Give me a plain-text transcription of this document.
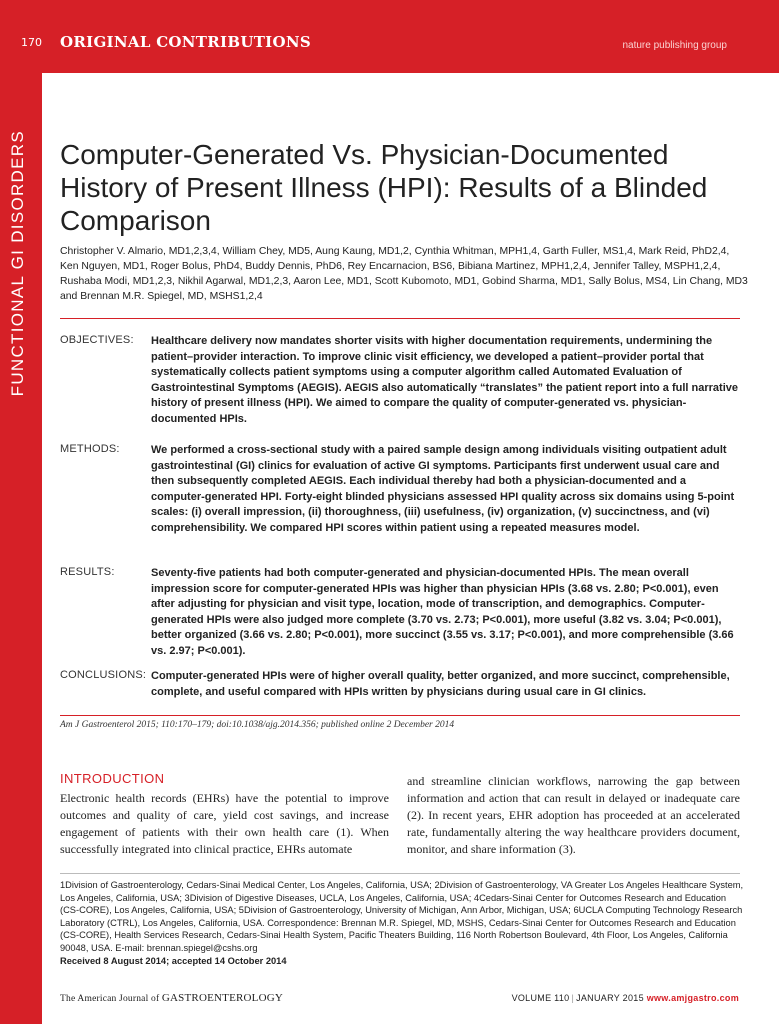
170 ORIGINAL CONTRIBUTIONS	nature publishing group
FUNCTIONAL GI DISORDERS Computer-Generated Vs. Physician-Documented History of Present Illness (HPI): Results of a Blinded Comparison
Christopher V. Almario, MD1,2,3,4, William Chey, MD5, Aung Kaung, MD1,2, Cynthia Whitman, MPH1,4, Garth Fuller, MS1,4, Mark Reid, PhD2,4, Ken Nguyen, MD1, Roger Bolus, PhD4, Buddy Dennis, PhD6, Rey Encarnacion, BS6, Bibiana Martinez, MPH1,2,4, Jennifer Talley, MSPH1,2,4, Rushaba Modi, MD1,2,3, Nikhil Agarwal, MD1,2,3, Aaron Lee, MD1, Scott Kubomoto, MD1, Gobind Sharma, MD1, Sally Bolus, MS4, Lin Chang, MD3 and Brennan M.R. Spiegel, MD, MSHS1,2,4
OBJECTIVES:	Healthcare delivery now mandates shorter visits with higher documentation requirements, undermining the patient–provider interaction. To improve clinic visit efficiency, we developed a patient–provider portal that systematically collects patient symptoms using a computer algorithm called Automated Evaluation of Gastrointestinal Symptoms (AEGIS). AEGIS also automatically “translates” the patient report into a full narrative history of present illness (HPI). We aimed to compare the quality of computer-generated vs. physician-documented HPIs.
METHODS:	We performed a cross-sectional study with a paired sample design among individuals visiting outpatient adult gastrointestinal (GI) clinics for evaluation of active GI symptoms. Participants first underwent usual care and then subsequently completed AEGIS. Each individual thereby had both a physician-documented and a computer-generated HPI. Forty-eight blinded physicians assessed HPI quality across six domains using 5-point scales: (i) overall impression, (ii) thoroughness, (iii) usefulness, (iv) organization, (v) succinctness, and (vi) comprehensibility. We compared HPI scores within patient using a repeated measures model.
RESULTS:	Seventy-five patients had both computer-generated and physician-documented HPIs. The mean overall impression score for computer-generated HPIs was higher than physician HPIs (3.68 vs. 2.80; P<0.001), even after adjusting for physician and visit type, location, mode of transcription, and demographics. Computer-generated HPIs were also judged more complete (3.70 vs. 2.73; P<0.001), more useful (3.82 vs. 3.04; P<0.001), better organized (3.66 vs. 2.80; P<0.001), more succinct (3.55 vs. 3.17; P<0.001), and more comprehensible (3.66 vs. 2.97; P<0.001).
CONCLUSIONS: Computer-generated HPIs were of higher overall quality, better organized, and more succinct, comprehensible, complete, and useful compared with HPIs written by physicians during usual care in GI clinics.
Am J Gastroenterol 2015; 110:170–179; doi:10.1038/ajg.2014.356; published online 2 December 2014
INTRODUCTION
Electronic health records (EHRs) have the potential to improve outcomes and quality of care, yield cost savings, and increase engagement of patients with their own health care (1). When successfully integrated into clinical practice, EHRs automate
and streamline clinician workflows, narrowing the gap between information and action that can result in delayed or inadequate care (2). In recent years, EHR adoption has proceeded at an accelerated rate, fundamentally altering the way healthcare providers document, monitor, and share information (3).
1Division of Gastroenterology, Cedars-Sinai Medical Center, Los Angeles, California, USA; 2Division of Gastroenterology, VA Greater Los Angeles Healthcare System, Los Angeles, California, USA; 3Division of Digestive Diseases, UCLA, Los Angeles, California, USA; 4Cedars-Sinai Center for Outcomes Research and Education (CS-CORE), Los Angeles, California, USA; 5Division of Gastroenterology, University of Michigan, Ann Arbor, Michigan, USA; 6UCLA Computing Technology Research Laboratory (CTRL), Los Angeles, California, USA. Correspondence: Brennan M.R. Spiegel, MD, MSHS, Cedars-Sinai Center for Outcomes Research and Education (CS-CORE), Health Services Research, Cedars-Sinai Health System, Pacific Theaters Building, 116 North Robertson Boulevard, 4th Floor, Los Angeles, California 90048, USA. E-mail: brennan.spiegel@cshs.org
Received 8 August 2014; accepted 14 October 2014
The American Journal of GASTROENTEROLOGY	VOLUME 110 | JANUARY 2015 www.amjgastro.com
